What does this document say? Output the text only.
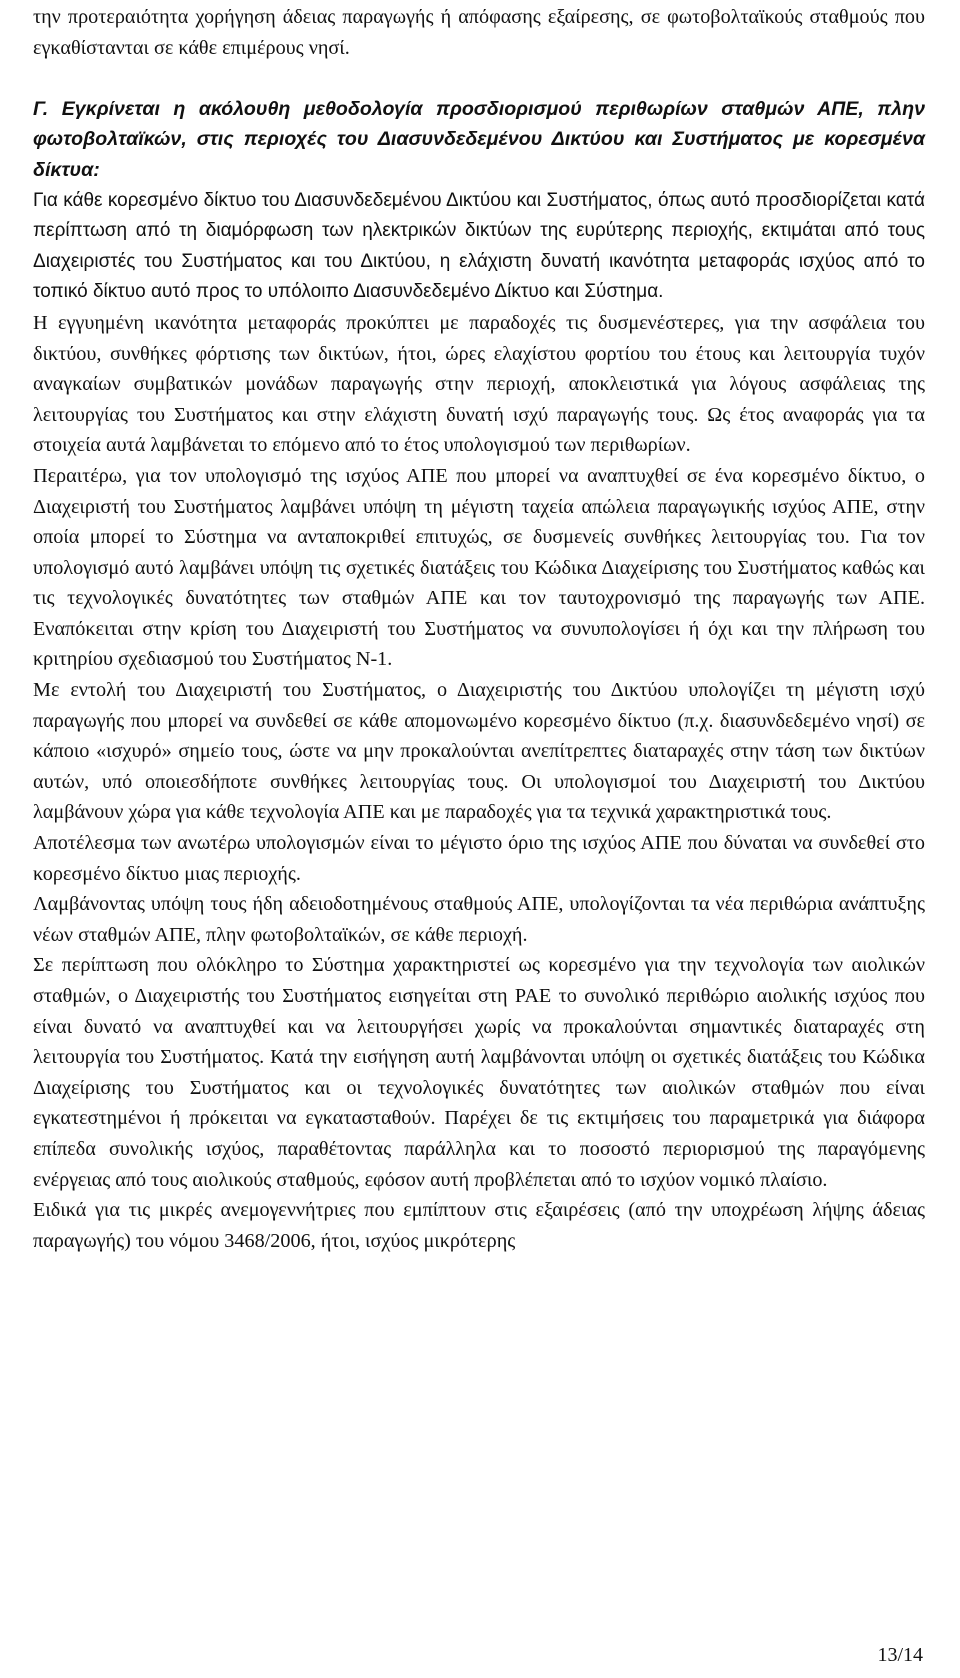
την προτεραιότητα χορήγηση άδειας παραγωγής ή απόφασης εξαίρεσης, σε φωτοβολταϊκούς σταθμούς που εγκαθίστανται σε κάθε επιμέρους νησί.

Γ. Εγκρίνεται η ακόλουθη μεθοδολογία προσδιορισμού περιθωρίων σταθμών ΑΠΕ, πλην φωτοβολταϊκών, στις περιοχές του Διασυνδεδεμένου Δικτύου και Συστήματος με κορεσμένα δίκτυα:

Για κάθε κορεσμένο δίκτυο του Διασυνδεδεμένου Δικτύου και Συστήματος, όπως αυτό προσδιορίζεται κατά περίπτωση από τη διαμόρφωση των ηλεκτρικών δικτύων της ευρύτερης περιοχής, εκτιμάται από τους Διαχειριστές του Συστήματος και του Δικτύου, η ελάχιστη δυνατή ικανότητα μεταφοράς ισχύος από το τοπικό δίκτυο αυτό προς το υπόλοιπο Διασυνδεδεμένο Δίκτυο και Σύστημα.

Η εγγυημένη ικανότητα μεταφοράς προκύπτει με παραδοχές τις δυσμενέστερες, για την ασφάλεια του δικτύου, συνθήκες φόρτισης των δικτύων, ήτοι, ώρες ελαχίστου φορτίου του έτους και λειτουργία τυχόν αναγκαίων συμβατικών μονάδων παραγωγής στην περιοχή, αποκλειστικά για λόγους ασφάλειας της λειτουργίας του Συστήματος και στην ελάχιστη δυνατή ισχύ παραγωγής τους. Ως έτος αναφοράς για τα στοιχεία αυτά λαμβάνεται το επόμενο από το έτος υπολογισμού των περιθωρίων.

Περαιτέρω, για τον υπολογισμό της ισχύος ΑΠΕ που μπορεί να αναπτυχθεί σε ένα κορεσμένο δίκτυο, ο Διαχειριστή του Συστήματος λαμβάνει υπόψη τη μέγιστη ταχεία απώλεια παραγωγικής ισχύος ΑΠΕ, στην οποία μπορεί το Σύστημα να ανταποκριθεί επιτυχώς, σε δυσμενείς συνθήκες λειτουργίας του. Για τον υπολογισμό αυτό λαμβάνει υπόψη τις σχετικές διατάξεις του Κώδικα Διαχείρισης του Συστήματος καθώς και τις τεχνολογικές δυνατότητες των σταθμών ΑΠΕ και τον ταυτοχρονισμό της παραγωγής των ΑΠΕ. Εναπόκειται στην κρίση του Διαχειριστή του Συστήματος να συνυπολογίσει ή όχι και την πλήρωση του κριτηρίου σχεδιασμού του Συστήματος Ν-1.

Με εντολή του Διαχειριστή του Συστήματος, ο Διαχειριστής του Δικτύου υπολογίζει τη μέγιστη ισχύ παραγωγής που μπορεί να συνδεθεί σε κάθε απομονωμένο κορεσμένο δίκτυο (π.χ. διασυνδεδεμένο νησί) σε κάποιο «ισχυρό» σημείο τους, ώστε να μην προκαλούνται ανεπίτρεπτες διαταραχές στην τάση των δικτύων αυτών, υπό οποιεσδήποτε συνθήκες λειτουργίας τους. Οι υπολογισμοί του Διαχειριστή του Δικτύου λαμβάνουν χώρα για κάθε τεχνολογία ΑΠΕ και με παραδοχές για τα τεχνικά χαρακτηριστικά τους.

Αποτέλεσμα των ανωτέρω υπολογισμών είναι το μέγιστο όριο της ισχύος ΑΠΕ που δύναται να συνδεθεί στο κορεσμένο δίκτυο μιας περιοχής.

Λαμβάνοντας υπόψη τους ήδη αδειοδοτημένους σταθμούς ΑΠΕ, υπολογίζονται τα νέα περιθώρια ανάπτυξης νέων σταθμών ΑΠΕ, πλην φωτοβολταϊκών, σε κάθε περιοχή.

Σε περίπτωση που ολόκληρο το Σύστημα χαρακτηριστεί ως κορεσμένο για την τεχνολογία των αιολικών σταθμών, ο Διαχειριστής του Συστήματος εισηγείται στη ΡΑΕ το συνολικό περιθώριο αιολικής ισχύος που είναι δυνατό να αναπτυχθεί και να λειτουργήσει χωρίς να προκαλούνται σημαντικές διαταραχές στη λειτουργία του Συστήματος. Κατά την εισήγηση αυτή λαμβάνονται υπόψη οι σχετικές διατάξεις του Κώδικα Διαχείρισης του Συστήματος και οι τεχνολογικές δυνατότητες των αιολικών σταθμών που είναι εγκατεστημένοι ή πρόκειται να εγκατασταθούν. Παρέχει δε τις εκτιμήσεις του παραμετρικά για διάφορα επίπεδα συνολικής ισχύος, παραθέτοντας παράλληλα και το ποσοστό περιορισμού της παραγόμενης ενέργειας από τους αιολικούς σταθμούς, εφόσον αυτή προβλέπεται από το ισχύον νομικό πλαίσιο.

Ειδικά για τις μικρές ανεμογεννήτριες που εμπίπτουν στις εξαιρέσεις (από την υποχρέωση λήψης άδειας παραγωγής) του νόμου 3468/2006, ήτοι, ισχύος μικρότερης

13/14
